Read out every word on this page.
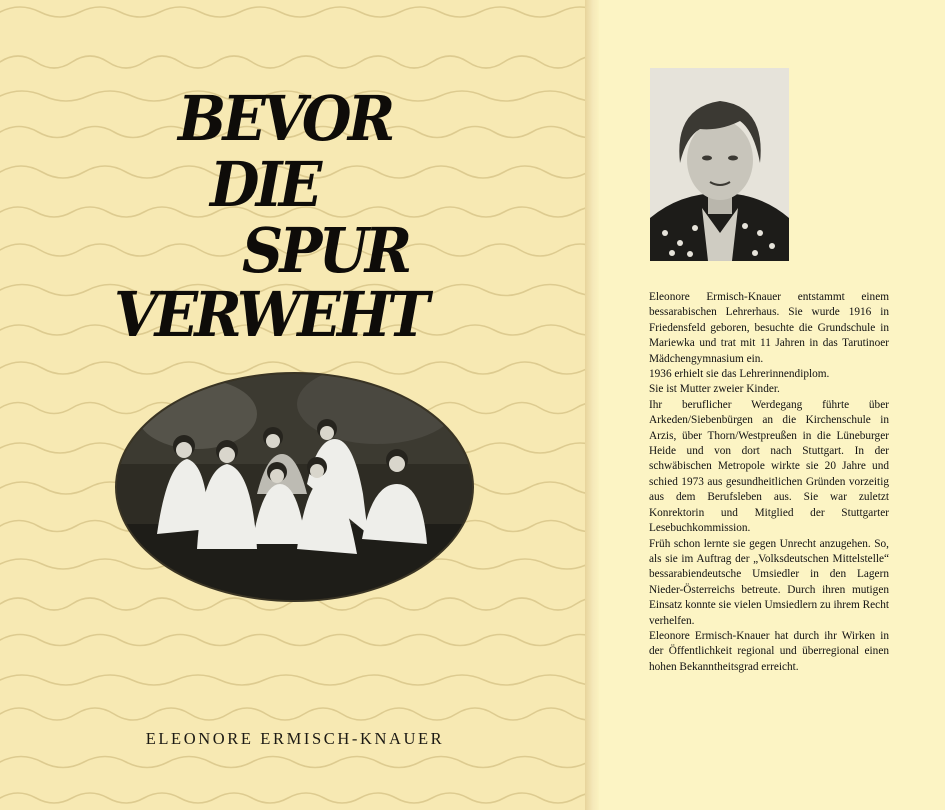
BEVOR
DIE
SPUR
VERWEHT
ELEONORE ERMISCH-KNAUER

Eleonore Ermisch-Knauer entstammt einem bessarabischen Lehrerhaus. Sie wurde 1916 in Friedensfeld geboren, besuchte die Grundschule in Mariewka und trat mit 11 Jahren in das Tarutinoer Mädchengymnasium ein.

1936 erhielt sie das Lehrerinnendiplom.

Sie ist Mutter zweier Kinder.

Ihr beruflicher Werdegang führte über Arkeden/Siebenbürgen an die Kirchenschule in Arzis, über Thorn/Westpreußen in die Lüneburger Heide und von dort nach Stuttgart. In der schwäbischen Metropole wirkte sie 20 Jahre und schied 1973 aus gesundheitlichen Gründen vorzeitig aus dem Berufsleben aus. Sie war zuletzt Konrektorin und Mitglied der Stuttgarter Lesebuchkommission.

Früh schon lernte sie gegen Unrecht anzugehen. So, als sie im Auftrag der „Volksdeutschen Mittelstelle“ bessarabiendeutsche Umsiedler in den Lagern Nieder-Österreichs betreute. Durch ihren mutigen Einsatz konnte sie vielen Umsiedlern zu ihrem Recht verhelfen.

Eleonore Ermisch-Knauer hat durch ihr Wirken in der Öffentlichkeit regional und überregional einen hohen Bekanntheitsgrad erreicht.
